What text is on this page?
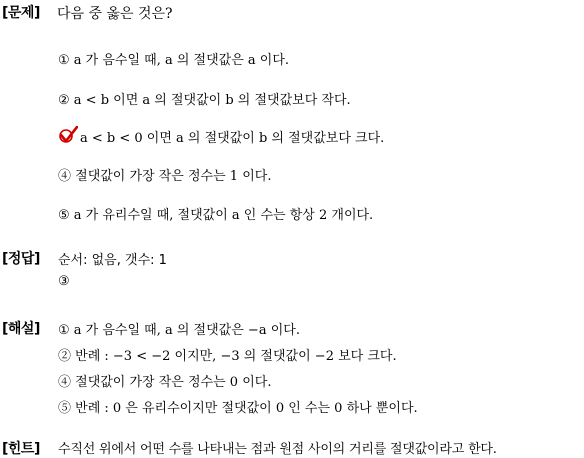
[문제] 다음 중 옳은 것은?
① a 가 음수일 때, a 의 절댓값은 a 이다.
② a < b 이면 a 의 절댓값이 b 의 절댓값보다 작다.
a < b < 0 이면 a 의 절댓값이 b 의 절댓값보다 크다.
④ 절댓값이 가장 작은 정수는 1 이다.
⑤ a 가 유리수일 때, 절댓값이 a 인 수는 항상 2 개이다.
[정답] 순서: 없음, 갯수: 1
③
[해설] ① a 가 음수일 때, a 의 절댓값은 −a 이다.
② 반례 : −3 < −2 이지만, −3 의 절댓값이 −2 보다 크다.
④ 절댓값이 가장 작은 정수는 0 이다.
⑤ 반례 : 0 은 유리수이지만 절댓값이 0 인 수는 0 하나 뿐이다.
[힌트] 수직선 위에서 어떤 수를 나타내는 점과 원점 사이의 거리를 절댓값이라고 한다.
